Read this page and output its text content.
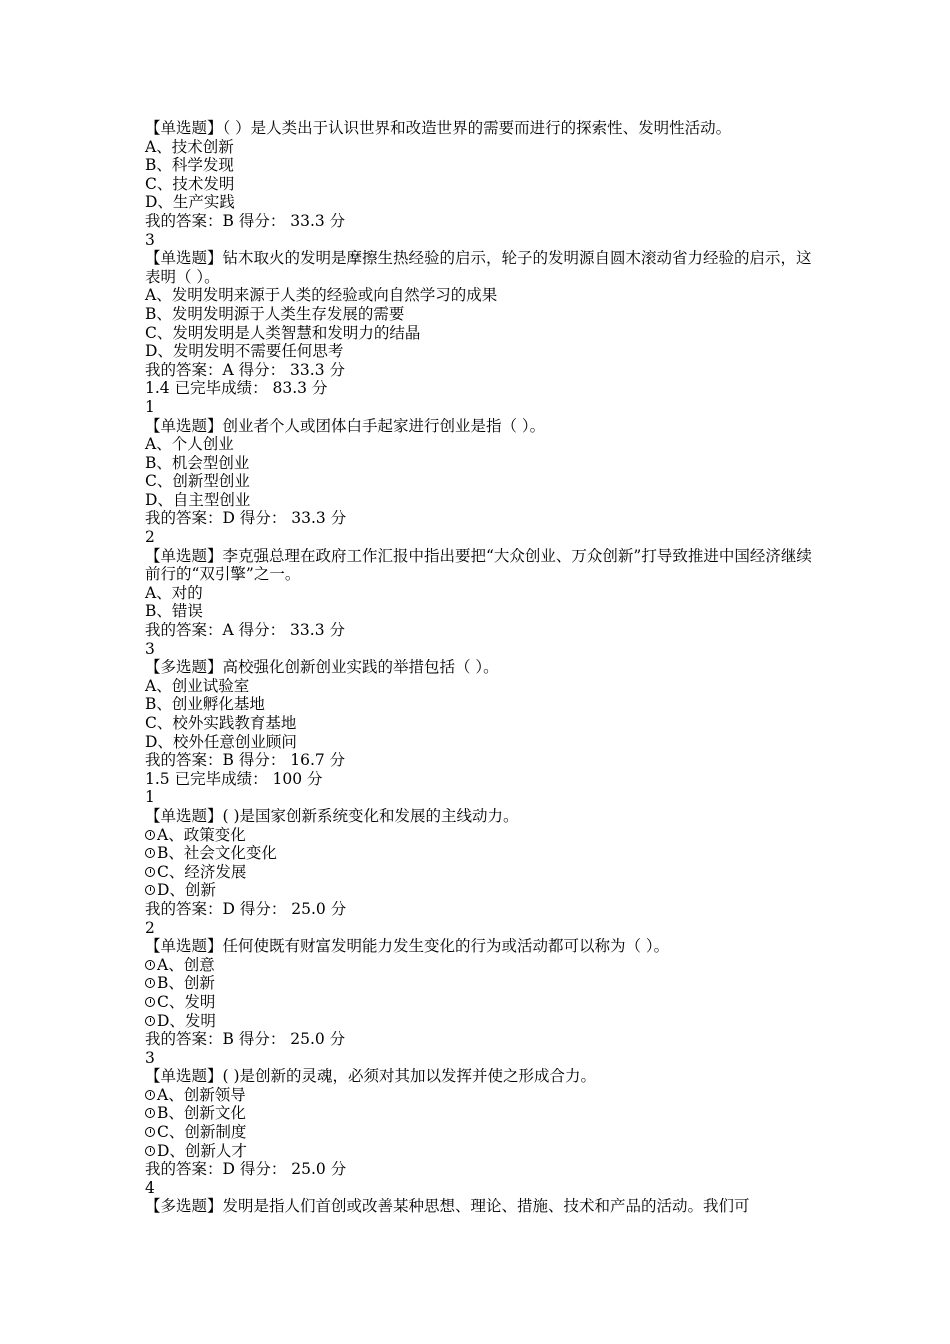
【单选题】（ ）是人类出于认识世界和改造世界的需要而进行的探索性、发明性活动。
A、技术创新
B、科学发现
C、技术发明
D、生产实践
我的答案：B 得分： 33.3 分
3
【单选题】钻木取火的发明是摩擦生热经验的启示，轮子的发明源自圆木滚动省力经验的启示，这表明（ ）。
A、发明发明来源于人类的经验或向自然学习的成果
B、发明发明源于人类生存发展的需要
C、发明发明是人类智慧和发明力的结晶
D、发明发明不需要任何思考
我的答案：A 得分： 33.3 分
1.4 已完毕成绩： 83.3 分
1
【单选题】创业者个人或团体白手起家进行创业是指（ ）。
A、个人创业
B、机会型创业
C、创新型创业
D、自主型创业
我的答案：D 得分： 33.3 分
2
【单选题】李克强总理在政府工作汇报中指出要把“大众创业、万众创新”打导致推进中国经济继续前行的“双引擎”之一。
A、对的
B、错误
我的答案：A 得分： 33.3 分
3
【多选题】高校强化创新创业实践的举措包括（ ）。
A、创业试验室
B、创业孵化基地
C、校外实践教育基地
D、校外任意创业顾问
我的答案：B 得分： 16.7 分
1.5 已完毕成绩： 100 分
1
【单选题】( )是国家创新系统变化和发展的主线动力。
A、政策变化
B、社会文化变化
C、经济发展
D、创新
我的答案：D 得分： 25.0 分
2
【单选题】任何使既有财富发明能力发生变化的行为或活动都可以称为（ ）。
A、创意
B、创新
C、发明
D、发明
我的答案：B 得分： 25.0 分
3
【单选题】( )是创新的灵魂，必须对其加以发挥并使之形成合力。
A、创新领导
B、创新文化
C、创新制度
D、创新人才
我的答案：D 得分： 25.0 分
4
【多选题】发明是指人们首创或改善某种思想、理论、措施、技术和产品的活动。我们可
